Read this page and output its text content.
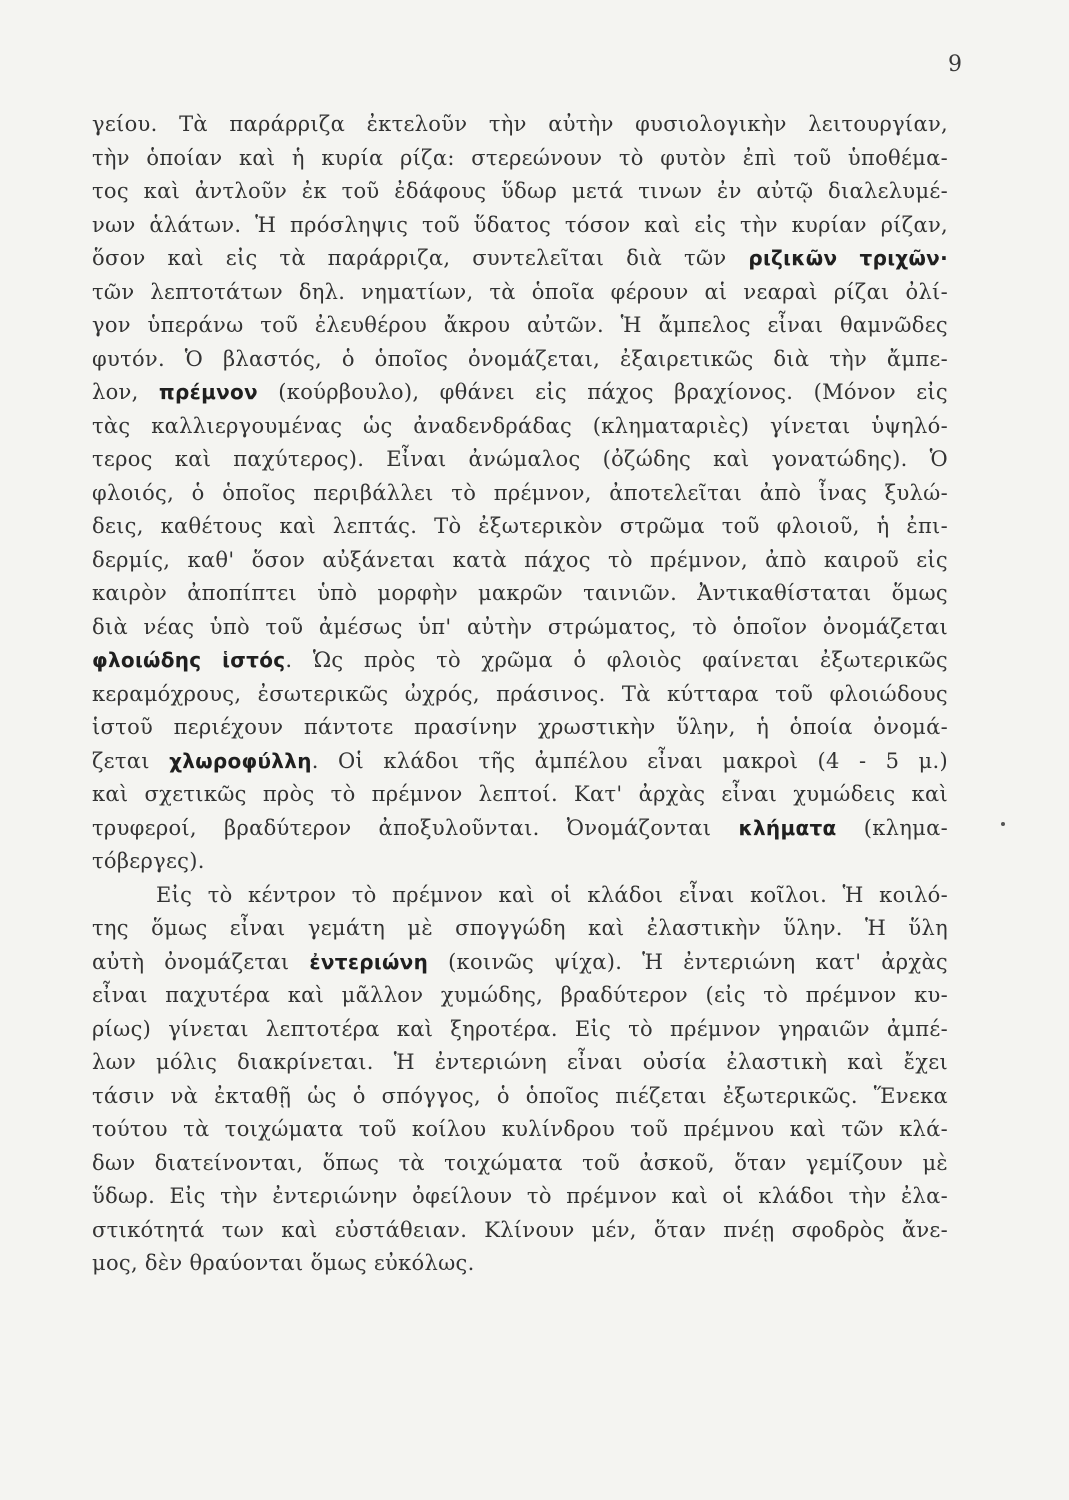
9
γείου. Τὰ παράρριζα ἐκτελοῦν τὴν αὐτὴν φυσιολογικὴν λειτουργίαν,
τὴν ὁποίαν καὶ ἡ κυρία ρίζα: στερεώνουν τὸ φυτὸν ἐπὶ τοῦ ὑποθέμα-
τος καὶ ἀντλοῦν ἐκ τοῦ ἐδάφους ὕδωρ μετά τινων ἐν αὐτῷ διαλελυμέ-
νων ἁλάτων. Ἡ πρόσληψις τοῦ ὕδατος τόσον καὶ εἰς τὴν κυρίαν ρίζαν,
ὅσον καὶ εἰς τὰ παράρριζα, συντελεῖται διὰ τῶν ριζικῶν τριχῶν·
τῶν λεπτοτάτων δηλ. νηματίων, τὰ ὁποῖα φέρουν αἱ νεαραὶ ρίζαι ὀλί-
γον ὑπεράνω τοῦ ἐλευθέρου ἄκρου αὐτῶν. Ἡ ἄμπελος εἶναι θαμνῶδες
φυτόν. Ὁ βλαστός, ὁ ὁποῖος ὀνομάζεται, ἐξαιρετικῶς διὰ τὴν ἄμπε-
λον, πρέμνον (κούρβουλο), φθάνει εἰς πάχος βραχίονος. (Μόνον εἰς
τὰς καλλιεργουμένας ὡς ἀναδενδράδας (κληματαριὲς) γίνεται ὑψηλό-
τερος καὶ παχύτερος). Εἶναι ἀνώμαλος (ὀζώδης καὶ γονατώδης). Ὁ
φλοιός, ὁ ὁποῖος περιβάλλει τὸ πρέμνον, ἀποτελεῖται ἀπὸ ἶνας ξυλώ-
δεις, καθέτους καὶ λεπτάς. Τὸ ἐξωτερικὸν στρῶμα τοῦ φλοιοῦ, ἡ ἐπι-
δερμίς, καθ' ὅσον αὐξάνεται κατὰ πάχος τὸ πρέμνον, ἀπὸ καιροῦ εἰς
καιρὸν ἀποπίπτει ὑπὸ μορφὴν μακρῶν ταινιῶν. Ἀντικαθίσταται ὅμως
διὰ νέας ὑπὸ τοῦ ἀμέσως ὑπ' αὐτὴν στρώματος, τὸ ὁποῖον ὀνομάζεται
φλοιώδης ἱστός. Ὡς πρὸς τὸ χρῶμα ὁ φλοιὸς φαίνεται ἐξωτερικῶς
κεραμόχρους, ἐσωτερικῶς ὠχρός, πράσινος. Τὰ κύτταρα τοῦ φλοιώδους
ἱστοῦ περιέχουν πάντοτε πρασίνην χρωστικὴν ὕλην, ἡ ὁποία ὀνομά-
ζεται χλωροφύλλη. Οἱ κλάδοι τῆς ἀμπέλου εἶναι μακροὶ (4 - 5 μ.)
καὶ σχετικῶς πρὸς τὸ πρέμνον λεπτοί. Κατ' ἀρχὰς εἶναι χυμώδεις καὶ
τρυφεροί, βραδύτερον ἀποξυλοῦνται. Ὀνομάζονται κλήματα (κλημα-
τόβεργες).
Εἰς τὸ κέντρον τὸ πρέμνον καὶ οἱ κλάδοι εἶναι κοῖλοι. Ἡ κοιλό-
της ὅμως εἶναι γεμάτη μὲ σπογγώδη καὶ ἐλαστικὴν ὕλην. Ἡ ὕλη
αὐτὴ ὀνομάζεται ἐντεριώνη (κοινῶς ψίχα). Ἡ ἐντεριώνη κατ' ἀρχὰς
εἶναι παχυτέρα καὶ μᾶλλον χυμώδης, βραδύτερον (εἰς τὸ πρέμνον κυ-
ρίως) γίνεται λεπτοτέρα καὶ ξηροτέρα. Εἰς τὸ πρέμνον γηραιῶν ἀμπέ-
λων μόλις διακρίνεται. Ἡ ἐντεριώνη εἶναι οὐσία ἐλαστικὴ καὶ ἔχει
τάσιν νὰ ἐκταθῇ ὡς ὁ σπόγγος, ὁ ὁποῖος πιέζεται ἐξωτερικῶς. Ἕνεκα
τούτου τὰ τοιχώματα τοῦ κοίλου κυλίνδρου τοῦ πρέμνου καὶ τῶν κλά-
δων διατείνονται, ὅπως τὰ τοιχώματα τοῦ ἀσκοῦ, ὅταν γεμίζουν μὲ
ὕδωρ. Εἰς τὴν ἐντεριώνην ὀφείλουν τὸ πρέμνον καὶ οἱ κλάδοι τὴν ἐλα-
στικότητά των καὶ εὐστάθειαν. Κλίνουν μέν, ὅταν πνέῃ σφοδρὸς ἄνε-
μος, δὲν θραύονται ὅμως εὐκόλως.
